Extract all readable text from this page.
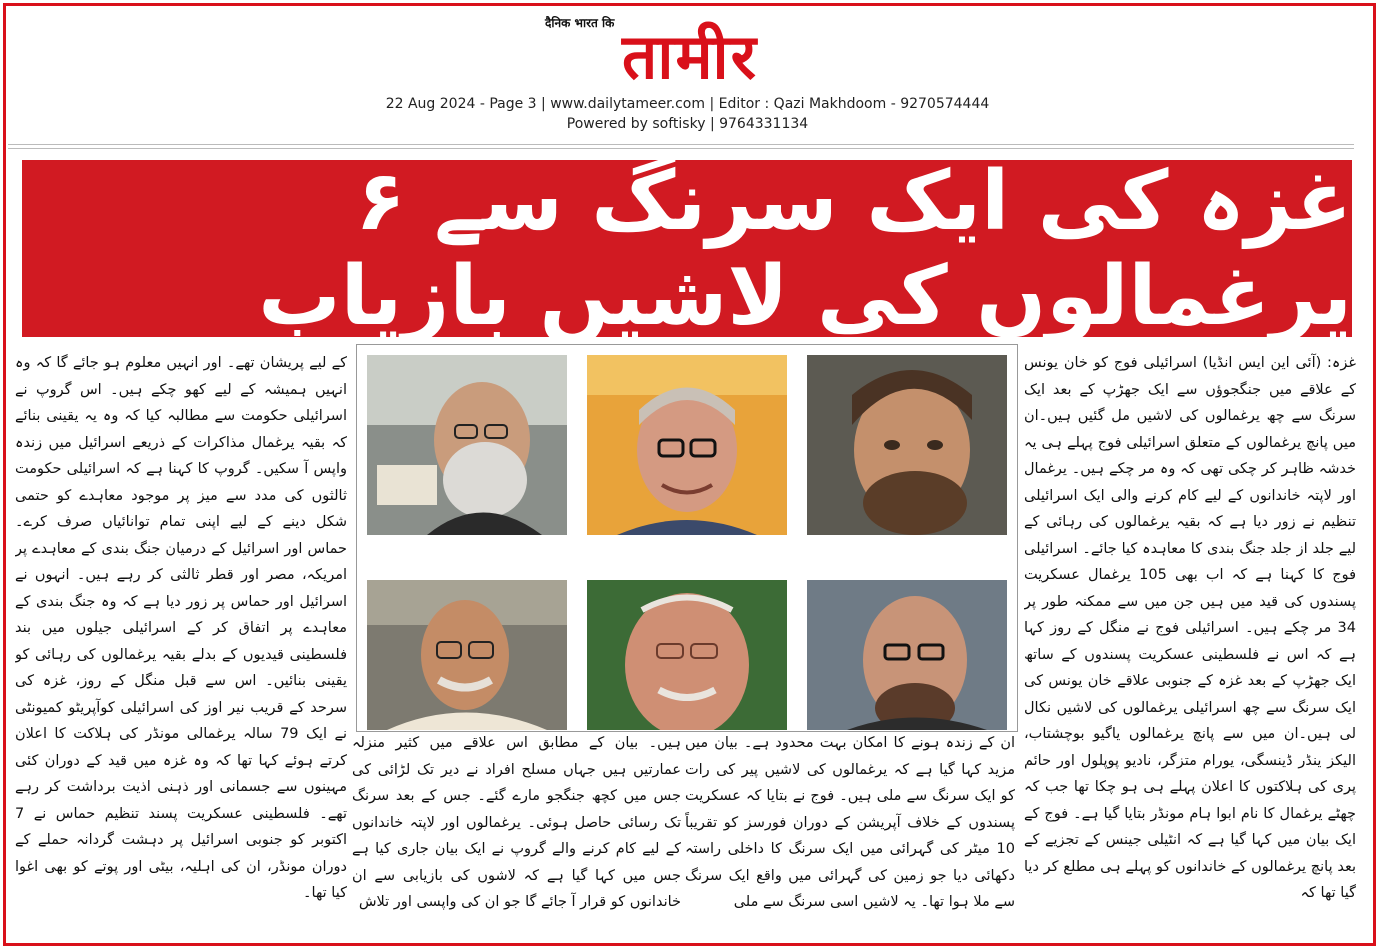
दैनिक भारत कि तामीर
22 Aug 2024 - Page 3 | www.dailytameer.com | Editor : Qazi Makhdoom - 9270574444
Powered by softisky | 9764331134
غزہ کی ایک سرنگ سے ۶ یرغمالوں کی لاشیں بازیاب
غزہ: (آئی این ایس انڈیا) اسرائیلی فوج کو خان یونس کے علاقے میں جنگجوؤں سے ایک جھڑپ کے بعد ایک سرنگ سے چھ یرغمالوں کی لاشیں مل گئیں ہیں۔ان میں پانچ یرغمالوں کے متعلق اسرائیلی فوج پہلے ہی یہ خدشہ ظاہر کر چکی تھی کہ وہ مر چکے ہیں۔ یرغمال اور لاپتہ خاندانوں کے لیے کام کرنے والی ایک اسرائیلی تنظیم نے زور دیا ہے کہ بقیہ یرغمالوں کی رہائی کے لیے جلد از جلد جنگ بندی کا معاہدہ کیا جائے۔ اسرائیلی فوج کا کہنا ہے کہ اب بھی 105 یرغمال عسکریت پسندوں کی قید میں ہیں جن میں سے ممکنہ طور پر 34 مر چکے ہیں۔ اسرائیلی فوج نے منگل کے روز کہا ہے کہ اس نے فلسطینی عسکریت پسندوں کے ساتھ ایک جھڑپ کے بعد غزہ کے جنوبی علاقے خان یونس کی ایک سرنگ سے چھ اسرائیلی یرغمالوں کی لاشیں نکال لی ہیں۔ان میں سے پانچ یرغمالوں یاگیو بوچشتاب، الیکز ینڈر ڈینسگی، یورام متزگر، نادیو پوپلول اور حائم پری کی ہلاکتوں کا اعلان پہلے ہی ہو چکا تھا جب کہ چھٹے یرغمال کا نام ابوا ہام مونڈر بتایا گیا ہے۔ فوج کے ایک بیان میں کہا گیا ہے کہ انٹیلی جینس کے تجزیے کے بعد پانچ یرغمالوں کے خاندانوں کو پہلے ہی مطلع کر دیا گیا تھا کہ
ان کے زندہ ہونے کا امکان بہت محدود ہے۔ بیان میں مزید کہا گیا ہے کہ یرغمالوں کی لاشیں پیر کی رات کو ایک سرنگ سے ملی ہیں۔ فوج نے بتایا کہ عسکریت پسندوں کے خلاف آپریشن کے دوران فورسز کو تقریباً 10 میٹر کی گہرائی میں ایک سرنگ کا داخلی راستہ دکھائی دیا جو زمین کی گہرائی میں واقع ایک سرنگ سے ملا ہوا تھا۔ یہ لاشیں اسی سرنگ سے ملی
ہیں۔ بیان کے مطابق اس علاقے میں کثیر منزلہ عمارتیں ہیں جہاں مسلح افراد نے دیر تک لڑائی کی جس میں کچھ جنگجو مارے گئے۔ جس کے بعد سرنگ تک رسائی حاصل ہوئی۔ یرغمالوں اور لاپتہ خاندانوں کے لیے کام کرنے والے گروپ نے ایک بیان جاری کیا ہے جس میں کہا گیا ہے کہ لاشوں کی بازیابی سے ان خاندانوں کو قرار آ جائے گا جو ان کی واپسی اور تلاش
کے لیے پریشان تھے۔ اور انہیں معلوم ہو جائے گا کہ وہ انہیں ہمیشہ کے لیے کھو چکے ہیں۔ اس گروپ نے اسرائیلی حکومت سے مطالبہ کیا کہ وہ یہ یقینی بنائے کہ بقیہ یرغمال مذاکرات کے ذریعے اسرائیل میں زندہ واپس آ سکیں۔ گروپ کا کہنا ہے کہ اسرائیلی حکومت ثالثوں کی مدد سے میز پر موجود معاہدے کو حتمی شکل دینے کے لیے اپنی تمام توانائیاں صرف کرے۔ حماس اور اسرائیل کے درمیان جنگ بندی کے معاہدے پر امریکہ، مصر اور قطر ثالثی کر رہے ہیں۔ انہوں نے اسرائیل اور حماس پر زور دیا ہے کہ وہ جنگ بندی کے معاہدے پر اتفاق کر کے اسرائیلی جیلوں میں بند فلسطینی قیدیوں کے بدلے بقیہ یرغمالوں کی رہائی کو یقینی بنائیں۔ اس سے قبل منگل کے روز، غزہ کی سرحد کے قریب نیر اوز کی اسرائیلی کوآپریٹو کمیونٹی نے ایک 79 سالہ یرغمالی مونڈر کی ہلاکت کا اعلان کرتے ہوئے کہا تھا کہ وہ غزہ میں قید کے دوران کئی مہینوں سے جسمانی اور ذہنی اذیت برداشت کر رہے تھے۔ فلسطینی عسکریت پسند تنظیم حماس نے 7 اکتوبر کو جنوبی اسرائیل پر دہشت گردانہ حملے کے دوران مونڈر، ان کی اہلیہ، بیٹی اور پوتے کو بھی اغوا کیا تھا۔
